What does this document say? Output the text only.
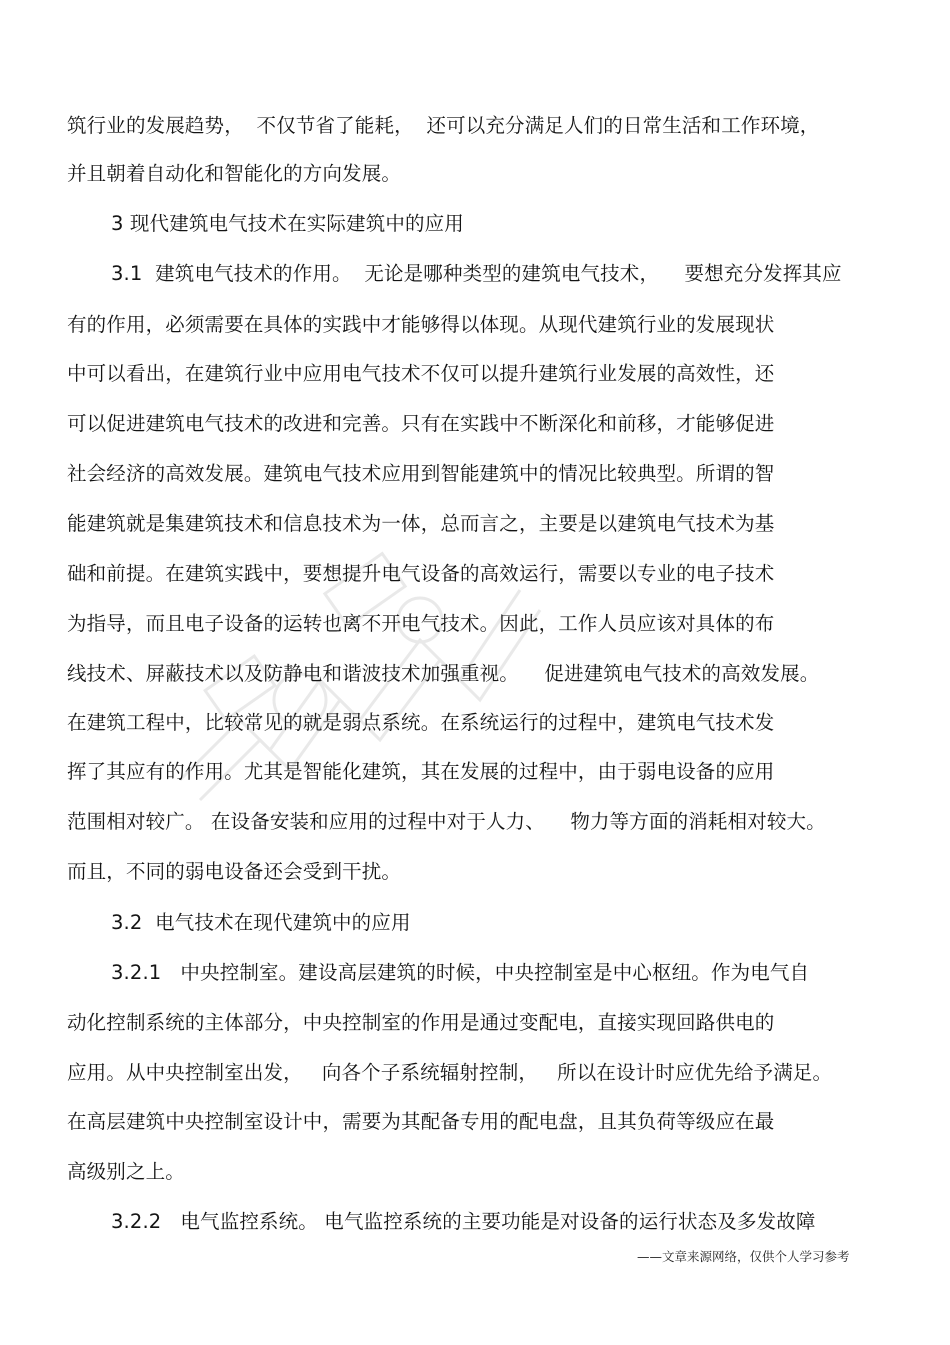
筑行业的发展趋势，  不仅节省了能耗，  还可以充分满足人们的日常生活和工作环境，
并且朝着自动化和智能化的方向发展。
3 现代建筑电气技术在实际建筑中的应用
3.1  建筑电气技术的作用。  无论是哪种类型的建筑电气技术，    要想充分发挥其应
有的作用，必须需要在具体的实践中才能够得以体现。从现代建筑行业的发展现状
中可以看出，在建筑行业中应用电气技术不仅可以提升建筑行业发展的高效性，还
可以促进建筑电气技术的改进和完善。只有在实践中不断深化和前移，才能够促进
社会经济的高效发展。建筑电气技术应用到智能建筑中的情况比较典型。所谓的智
能建筑就是集建筑技术和信息技术为一体，总而言之，主要是以建筑电气技术为基
础和前提。在建筑实践中，要想提升电气设备的高效运行，需要以专业的电子技术
为指导，而且电子设备的运转也离不开电气技术。因此，工作人员应该对具体的布
线技术、屏蔽技术以及防静电和谐波技术加强重视。    促进建筑电气技术的高效发展。
在建筑工程中，比较常见的就是弱点系统。在系统运行的过程中，建筑电气技术发
挥了其应有的作用。尤其是智能化建筑，其在发展的过程中，由于弱电设备的应用
范围相对较广。 在设备安装和应用的过程中对于人力、    物力等方面的消耗相对较大。
而且，不同的弱电设备还会受到干扰。
3.2  电气技术在现代建筑中的应用
3.2.1   中央控制室。建设高层建筑的时候，中央控制室是中心枢纽。作为电气自
动化控制系统的主体部分，中央控制室的作用是通过变配电，直接实现回路供电的
应用。从中央控制室出发，   向各个子系统辐射控制，   所以在设计时应优先给予满足。
在高层建筑中央控制室设计中，需要为其配备专用的配电盘，且其负荷等级应在最
高级别之上。
3.2.2   电气监控系统。 电气监控系统的主要功能是对设备的运行状态及多发故障
——文章来源网络，仅供个人学习参考
